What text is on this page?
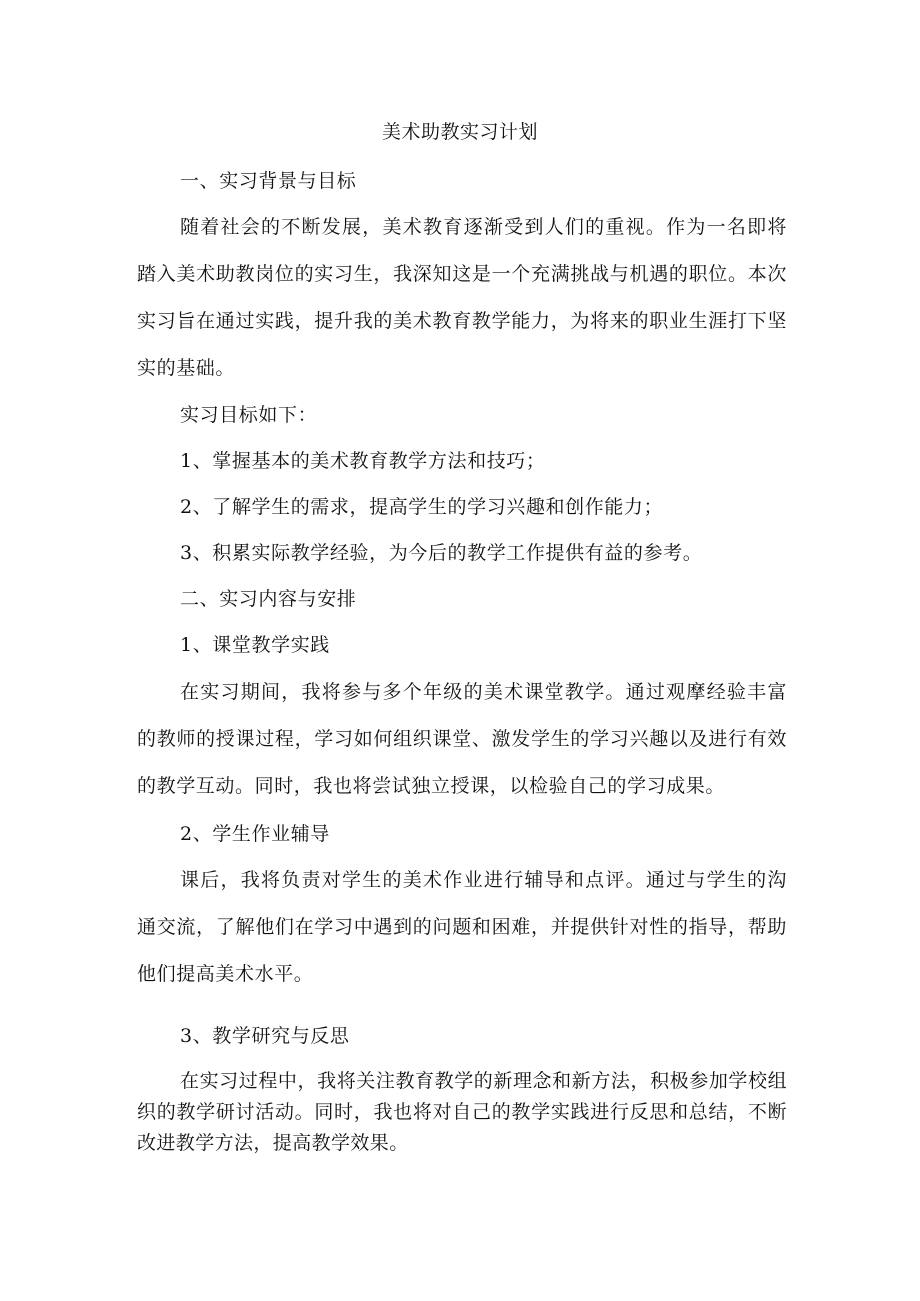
美术助教实习计划
一、实习背景与目标
随着社会的不断发展，美术教育逐渐受到人们的重视。作为一名即将踏入美术助教岗位的实习生，我深知这是一个充满挑战与机遇的职位。本次实习旨在通过实践，提升我的美术教育教学能力，为将来的职业生涯打下坚实的基础。
实习目标如下：
1、掌握基本的美术教育教学方法和技巧；
2、了解学生的需求，提高学生的学习兴趣和创作能力；
3、积累实际教学经验，为今后的教学工作提供有益的参考。
二、实习内容与安排
1、课堂教学实践
在实习期间，我将参与多个年级的美术课堂教学。通过观摩经验丰富的教师的授课过程，学习如何组织课堂、激发学生的学习兴趣以及进行有效的教学互动。同时，我也将尝试独立授课，以检验自己的学习成果。
2、学生作业辅导
课后，我将负责对学生的美术作业进行辅导和点评。通过与学生的沟通交流，了解他们在学习中遇到的问题和困难，并提供针对性的指导，帮助他们提高美术水平。
3、教学研究与反思
在实习过程中，我将关注教育教学的新理念和新方法，积极参加学校组织的教学研讨活动。同时，我也将对自己的教学实践进行反思和总结，不断改进教学方法，提高教学效果。
